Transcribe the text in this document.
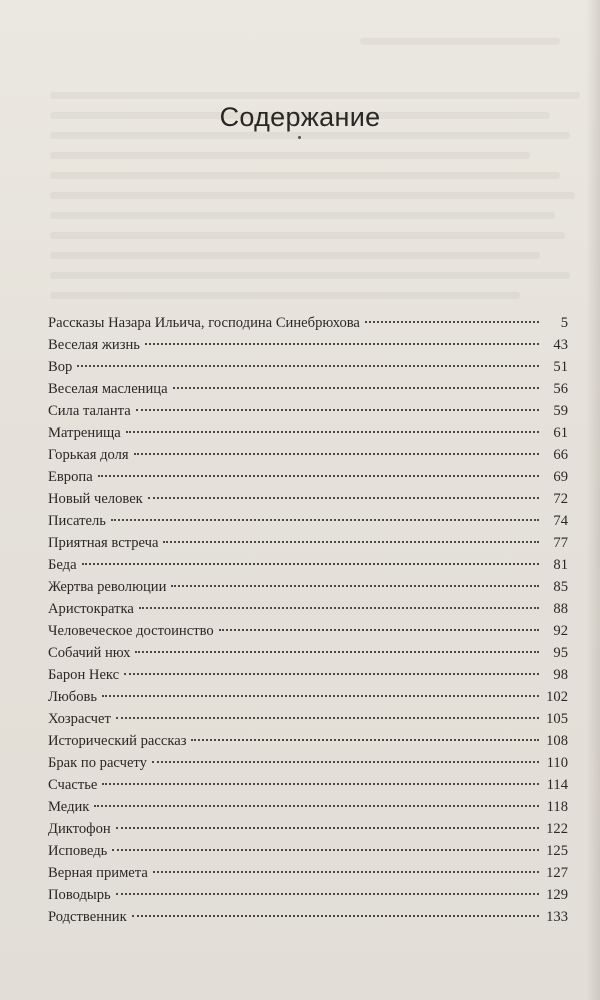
Содержание
Рассказы Назара Ильича, господина Синебрюхова	5
Веселая жизнь	43
Вор	51
Веселая масленица	56
Сила таланта	59
Матренища	61
Горькая доля	66
Европа	69
Новый человек	72
Писатель	74
Приятная встреча	77
Беда	81
Жертва революции	85
Аристократка	88
Человеческое достоинство	92
Собачий нюх	95
Барон Некс	98
Любовь	102
Хозрасчет	105
Исторический рассказ	108
Брак по расчету	110
Счастье	114
Медик	118
Диктофон	122
Исповедь	125
Верная примета	127
Поводырь	129
Родственник	133
